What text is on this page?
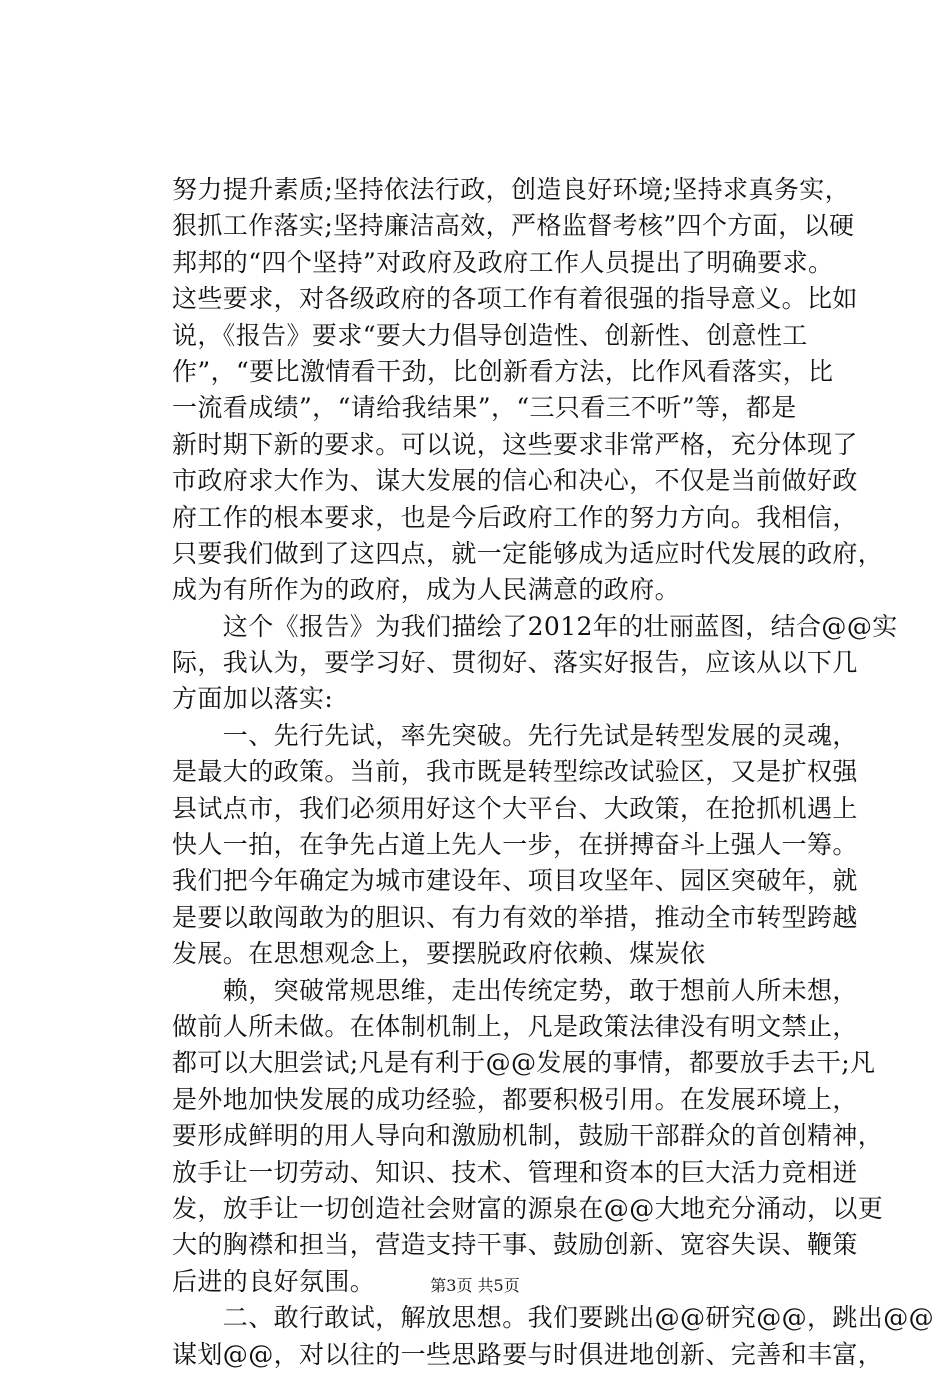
努力提升素质;坚持依法行政，创造良好环境;坚持求真务实，
狠抓工作落实;坚持廉洁高效，严格监督考核”四个方面，以硬
邦邦的“四个坚持”对政府及政府工作人员提出了明确要求。
这些要求，对各级政府的各项工作有着很强的指导意义。比如
说，《报告》要求“要大力倡导创造性、创新性、创意性工
作”，“要比激情看干劲，比创新看方法，比作风看落实，比
一流看成绩”，“请给我结果”，“三只看三不听”等，都是
新时期下新的要求。可以说，这些要求非常严格，充分体现了
市政府求大作为、谋大发展的信心和决心，不仅是当前做好政
府工作的根本要求，也是今后政府工作的努力方向。我相信，
只要我们做到了这四点，就一定能够成为适应时代发展的政府，
成为有所作为的政府，成为人民满意的政府。
　　这个《报告》为我们描绘了2012年的壮丽蓝图，结合@@实
际，我认为，要学习好、贯彻好、落实好报告，应该从以下几
方面加以落实:
　　一、先行先试，率先突破。先行先试是转型发展的灵魂，
是最大的政策。当前，我市既是转型综改试验区，又是扩权强
县试点市，我们必须用好这个大平台、大政策，在抢抓机遇上
快人一拍，在争先占道上先人一步，在拼搏奋斗上强人一筹。
我们把今年确定为城市建设年、项目攻坚年、园区突破年，就
是要以敢闯敢为的胆识、有力有效的举措，推动全市转型跨越
发展。在思想观念上，要摆脱政府依赖、煤炭依
　　赖，突破常规思维，走出传统定势，敢于想前人所未想，
做前人所未做。在体制机制上，凡是政策法律没有明文禁止，
都可以大胆尝试;凡是有利于@@发展的事情，都要放手去干;凡
是外地加快发展的成功经验，都要积极引用。在发展环境上，
要形成鲜明的用人导向和激励机制，鼓励干部群众的首创精神，
放手让一切劳动、知识、技术、管理和资本的巨大活力竞相迸
发，放手让一切创造社会财富的源泉在@@大地充分涌动，以更
大的胸襟和担当，营造支持干事、鼓励创新、宽容失误、鞭策
后进的良好氛围。
　　二、敢行敢试，解放思想。我们要跳出@@研究@@，跳出@@
谋划@@，对以往的一些思路要与时俱进地创新、完善和丰富，
第3页 共5页
